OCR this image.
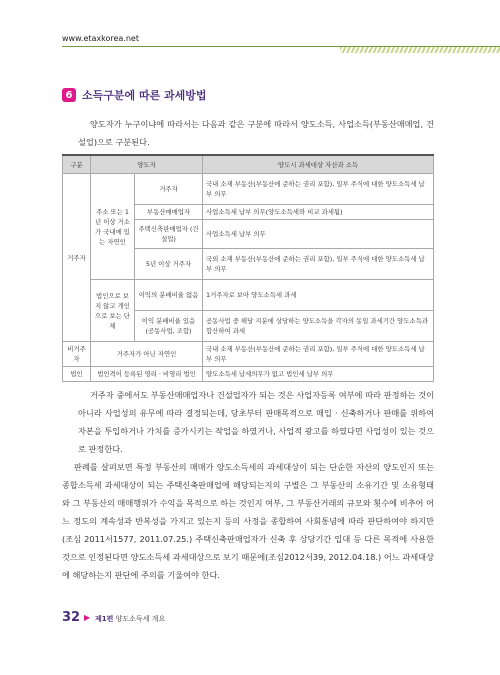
www.etaxkorea.net
6 소득구분에 따른 과세방법

양도자가 누구이냐에 따라서는 다음과 같은 구분에 따라서 양도소득, 사업소득(부동산매매업, 건설업)으로 구분된다.

구분	양도자		양도시 과세대상 자산과 소득
거주자	주소 또는 1년 이상 거소가 국내에 있는 자연인	거주자	국내 소재 부동산(부동산에 준하는 권리 포함), 일부 주식에 대한 양도소득세 납부 의무
		부동산매매업자	사업소득세 납부 의무(양도소득세와 비교 과세됨)
		주택신축판매업자 (건설업)	사업소득세 납부 의무
		5년 이상 거주자	국외 소재 부동산(부동산에 준하는 권리 포함), 일부 주식에 대한 양도소득세 납부 의무
	법인으로 보지 않고 개인으로 보는 단체	이익의 분배비율 없음	1거주자로 보아 양도소득세 과세
		이익 분배비율 있음 (공동사업, 조합)	공동사업 중 해당 지분에 상당하는 양도소득을 각자의 동일 과세기간 양도소득과 합산하여 과세
비거주자	거주자가 아닌 자연인		국내 소재 부동산(부동산에 준하는 권리 포함), 일부 주식에 대한 양도소득세 납부 의무
법인	법인격이 등록된 영리 · 비영리 법인		양도소득세 납세의무가 없고 법인세 납부 의무

거주자 중에서도 부동산매매업자나 건설업자가 되는 것은 사업자등록 여부에 따라 판정하는 것이 아니라 사업성의 유무에 따라 결정되는데, 당초부터 판매목적으로 매입 · 신축하거나 판매를 위하여 자본을 투입하거나 가치를 증가시키는 작업을 하였거나, 사업적 광고를 하였다면 사업성이 있는 것으로 판정한다.

판례를 살펴보면 특정 부동산의 매매가 양도소득세의 과세대상이 되는 단순한 자산의 양도인지 또는 종합소득세 과세대상이 되는 주택신축판매업에 해당되는지의 구별은 그 부동산의 소유기간 및 소유형태와 그 부동산의 매매행위가 수익을 목적으로 하는 것인지 여부, 그 부동산거래의 규모와 횟수에 비추어 어느 정도의 계속성과 반복성을 가지고 있는지 등의 사정을 종합하여 사회통념에 따라 판단하여야 하지만(조심 2011서1577, 2011.07.25.) 주택신축판매업자가 신축 후 상당기간 입대 등 다른 목적에 사용한 것으로 인정된다면 양도소득세 과세대상으로 보기 때문에(조심2012서39, 2012.04.18.) 어느 과세대상에 해당하는지 판단에 주의를 기울여야 한다.

32 ▶ 제1편 양도소득세 개요
